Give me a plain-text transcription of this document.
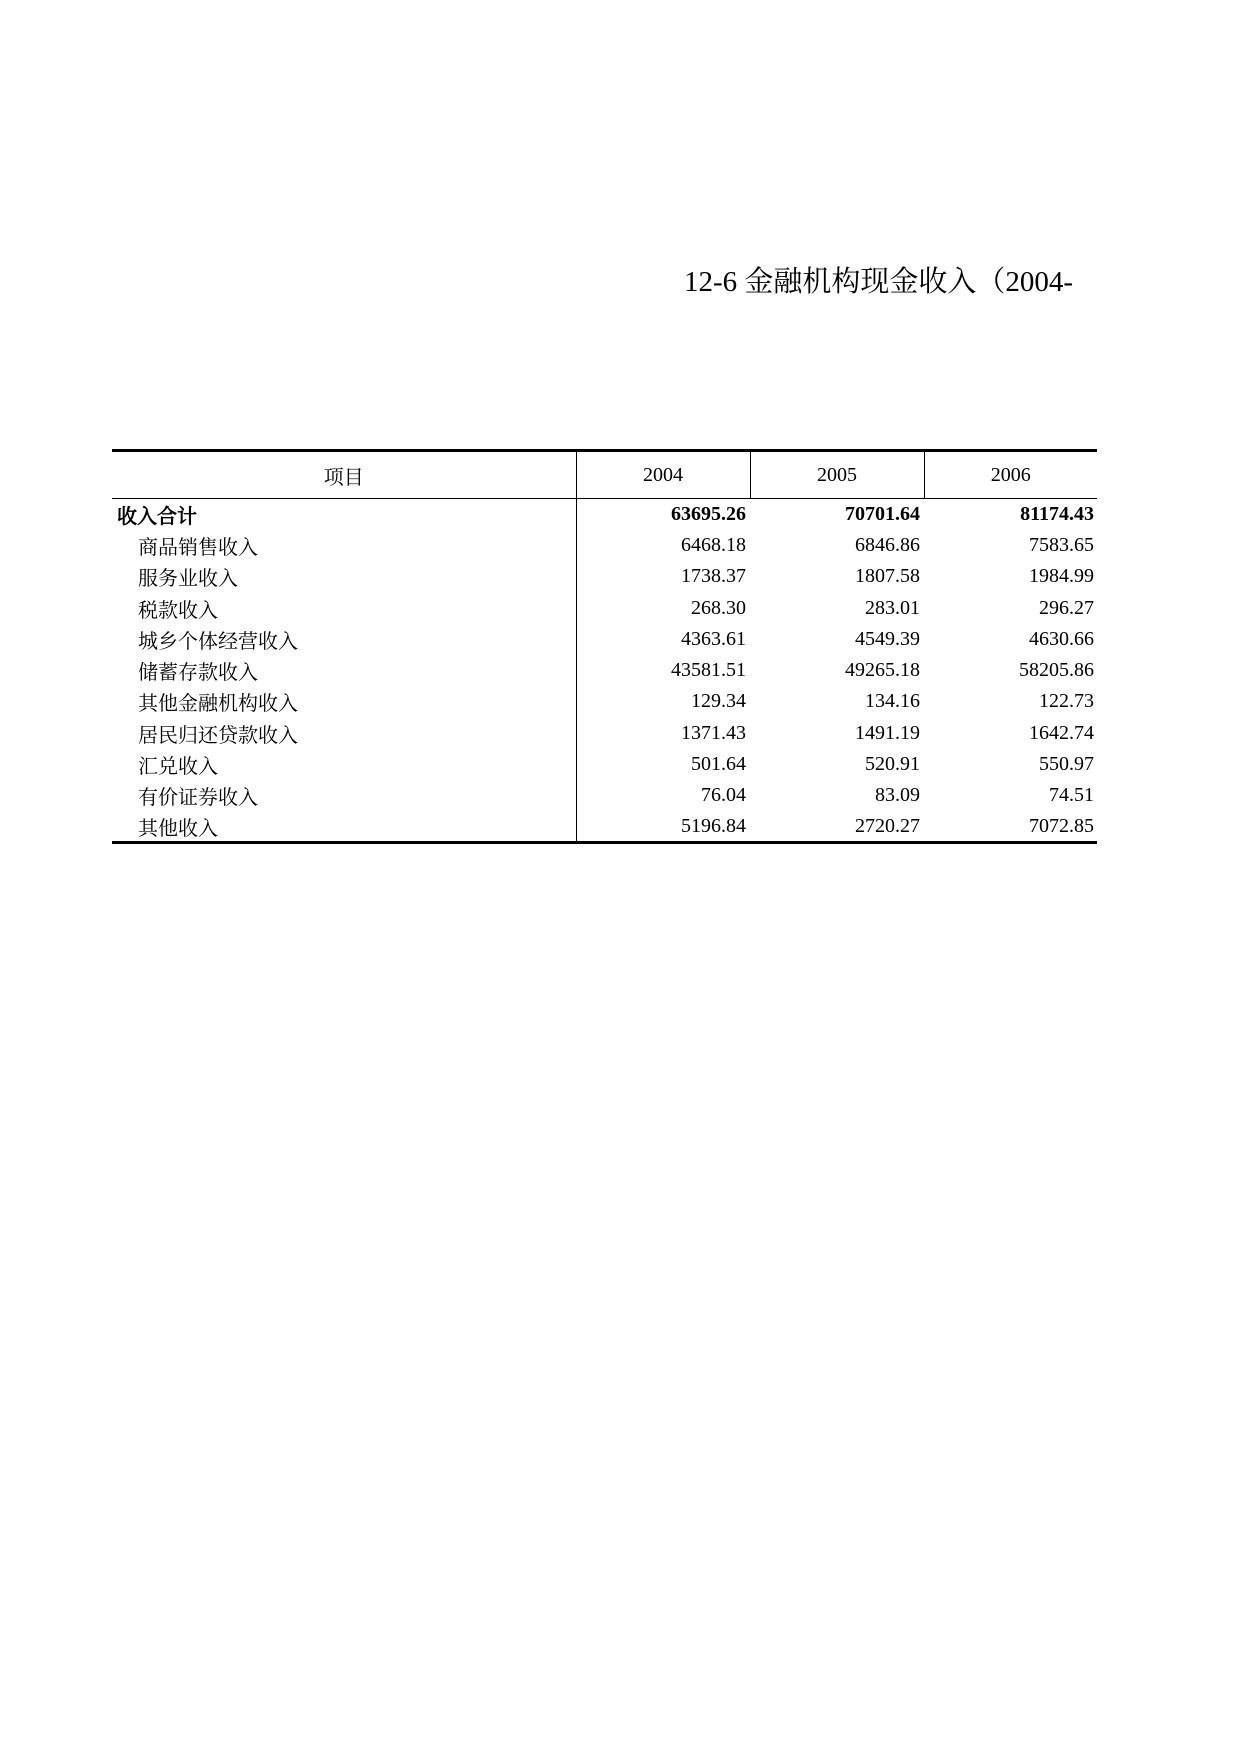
12-6 金融机构现金收入（2004-
项目	2004	2005	2006
收入合计	63695.26	70701.64	81174.43
商品销售收入	6468.18	6846.86	7583.65
服务业收入	1738.37	1807.58	1984.99
税款收入	268.30	283.01	296.27
城乡个体经营收入	4363.61	4549.39	4630.66
储蓄存款收入	43581.51	49265.18	58205.86
其他金融机构收入	129.34	134.16	122.73
居民归还贷款收入	1371.43	1491.19	1642.74
汇兑收入	501.64	520.91	550.97
有价证券收入	76.04	83.09	74.51
其他收入	5196.84	2720.27	7072.85
